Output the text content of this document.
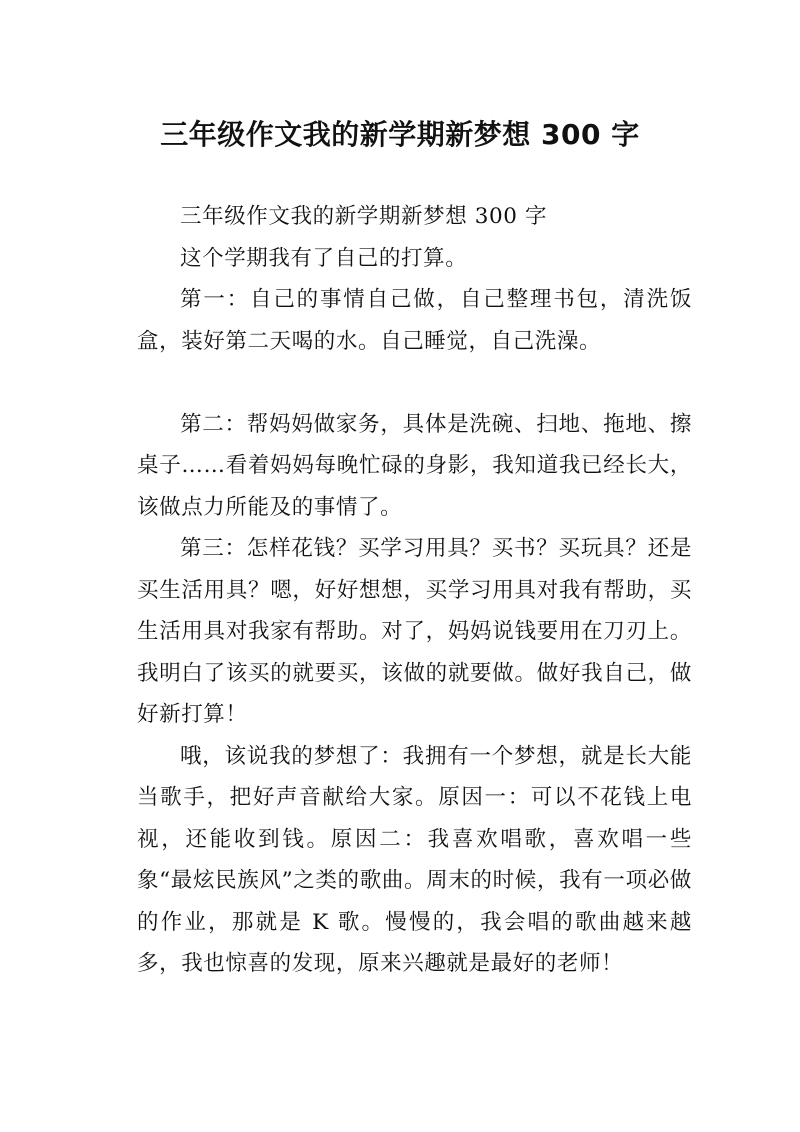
三年级作文我的新学期新梦想 300 字

三年级作文我的新学期新梦想 300 字

这个学期我有了自己的打算。

第一：自己的事情自己做，自己整理书包，清洗饭盒，装好第二天喝的水。自己睡觉，自己洗澡。

第二：帮妈妈做家务，具体是洗碗、扫地、拖地、擦桌子……看着妈妈每晚忙碌的身影，我知道我已经长大，该做点力所能及的事情了。

第三：怎样花钱？买学习用具？买书？买玩具？还是买生活用具？嗯，好好想想，买学习用具对我有帮助，买生活用具对我家有帮助。对了，妈妈说钱要用在刀刃上。我明白了该买的就要买，该做的就要做。做好我自己，做好新打算！

哦，该说我的梦想了：我拥有一个梦想，就是长大能当歌手，把好声音献给大家。原因一：可以不花钱上电视，还能收到钱。原因二：我喜欢唱歌，喜欢唱一些象“最炫民族风”之类的歌曲。周末的时候，我有一项必做的作业，那就是 K 歌。慢慢的，我会唱的歌曲越来越多，我也惊喜的发现，原来兴趣就是最好的老师！
